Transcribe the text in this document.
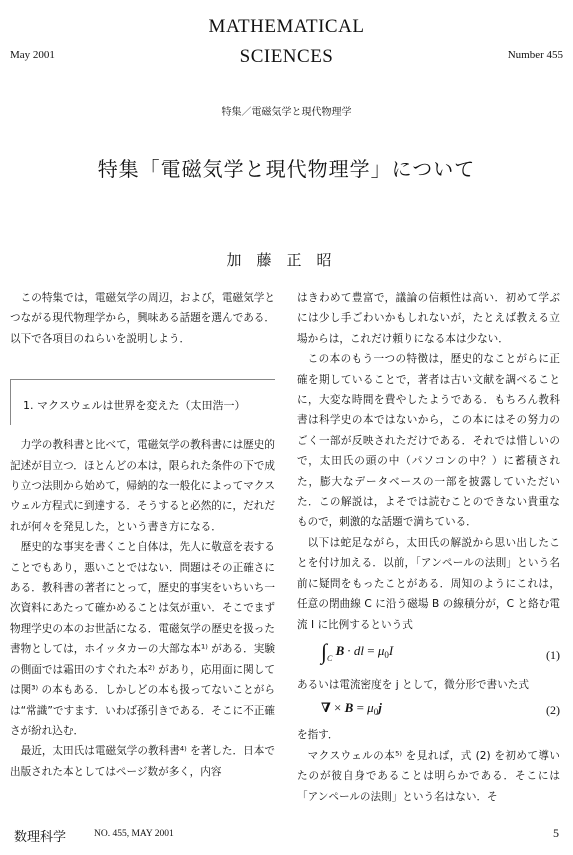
May 2001
MATHEMATICAL
SCIENCES	Number 455
特集／電磁気学と現代物理学
特集「電磁気学と現代物理学」について
加藤正昭

この特集では，電磁気学の周辺，および，電磁気学とつながる現代物理学から，興味ある話題を選んである．以下で各項目のねらいを説明しよう．

1. マクスウェルは世界を変えた（太田浩一）

力学の教科書と比べて，電磁気学の教科書には歴史的記述が目立つ．ほとんどの本は，限られた条件の下で成り立つ法則から始めて，帰納的な一般化によってマクスウェル方程式に到達する．そうすると必然的に，だれだれが何々を発見した，という書き方になる．

歴史的な事実を書くこと自体は，先人に敬意を表することでもあり，悪いことではない．問題はその正確さにある．教科書の著者にとって，歴史的事実をいちいち一次資料にあたって確かめることは気が重い．そこでまず物理学史の本のお世話になる．電磁気学の歴史を扱った書物としては，ホイッタカーの大部な本¹⁾ がある．実験の側面では霜田のすぐれた本²⁾ があり，応用面に関しては関³⁾ の本もある．しかしどの本も扱ってないことがらは“常識”ですます．いわば孫引きである．そこに不正確さが紛れ込む．

最近，太田氏は電磁気学の教科書⁴⁾ を著した．日本で出版された本としてはページ数が多く，内容

はきわめて豊富で，議論の信頼性は高い．初めて学ぶには少し手ごわいかもしれないが，たとえば教える立場からは，これだけ頼りになる本は少ない．

この本のもう一つの特徴は，歴史的なことがらに正確を期していることで，著者は古い文献を調べることに，大変な時間を費やしたようである．もちろん教科書は科学史の本ではないから，この本にはその努力のごく一部が反映されただけである．それでは惜しいので，太田氏の頭の中（パソコンの中？）に蓄積された，膨大なデータベースの一部を披露していただいた．この解説は，よそでは読むことのできない貴重なもので，刺激的な話題で満ちている．

以下は蛇足ながら，太田氏の解説から思い出したことを付け加える．以前，「アンペールの法則」という名前に疑問をもったことがある．周知のようにこれは，任意の閉曲線 C に沿う磁場 B の線積分が，C と絡む電流 I に比例するという式

$\int_C$ B · dl = $\mu_0I$	(1)

あるいは電流密度を j として，微分形で書いた式

∇ × $B = \mu_0j$	(2)

を指す．

マクスウェルの本⁵⁾ を見れば，式 (2) を初めて導いたのが彼自身であることは明らかである．そこには「アンペールの法則」という名はない．そ

数理科学	NO. 455, MAY 2001	5
